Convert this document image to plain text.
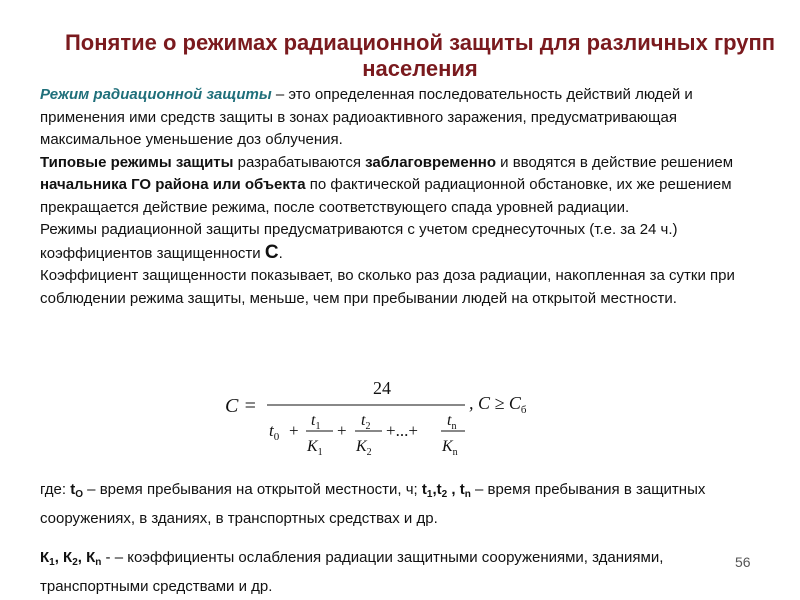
Понятие о режимах радиационной защиты для различных групп населения

Режим радиационной защиты – это определенная последовательность действий людей и применения ими средств защиты в зонах радиоактивного заражения, предусматривающая максимальное уменьшение доз облучения.

Типовые режимы защиты разрабатываются заблаговременно и вводятся в действие решением начальника ГО района или объекта по фактической радиационной обстановке, их же решением прекращается действие режима, после соответствующего спада уровней радиации.

Режимы радиационной защиты предусматриваются с учетом среднесуточных (т.е. за 24 ч.) коэффициентов защищенности С.

Коэффициент защищенности показывает, во сколько раз доза радиации, накопленная за сутки при соблюдении режима защиты, меньше, чем при пребывании людей на открытой местности.

C =
24
$t_0$ +
$t_1$
$K_1$
+
$t_2$
$K_2$
+...+
$t_n$
$K_n$
, $C \ge C_б$

где: $t_O$ – время пребывания на открытой местности, ч; $t_1,t_2$ , $t_n$ – время пребывания в защитных сооружениях, в зданиях, в транспортных средствах и др.

$К_1$, $К_2$, $К_n$ - – коэффициенты ослабления радиации защитными сооружениями, зданиями, транспортными средствами и др.

56
